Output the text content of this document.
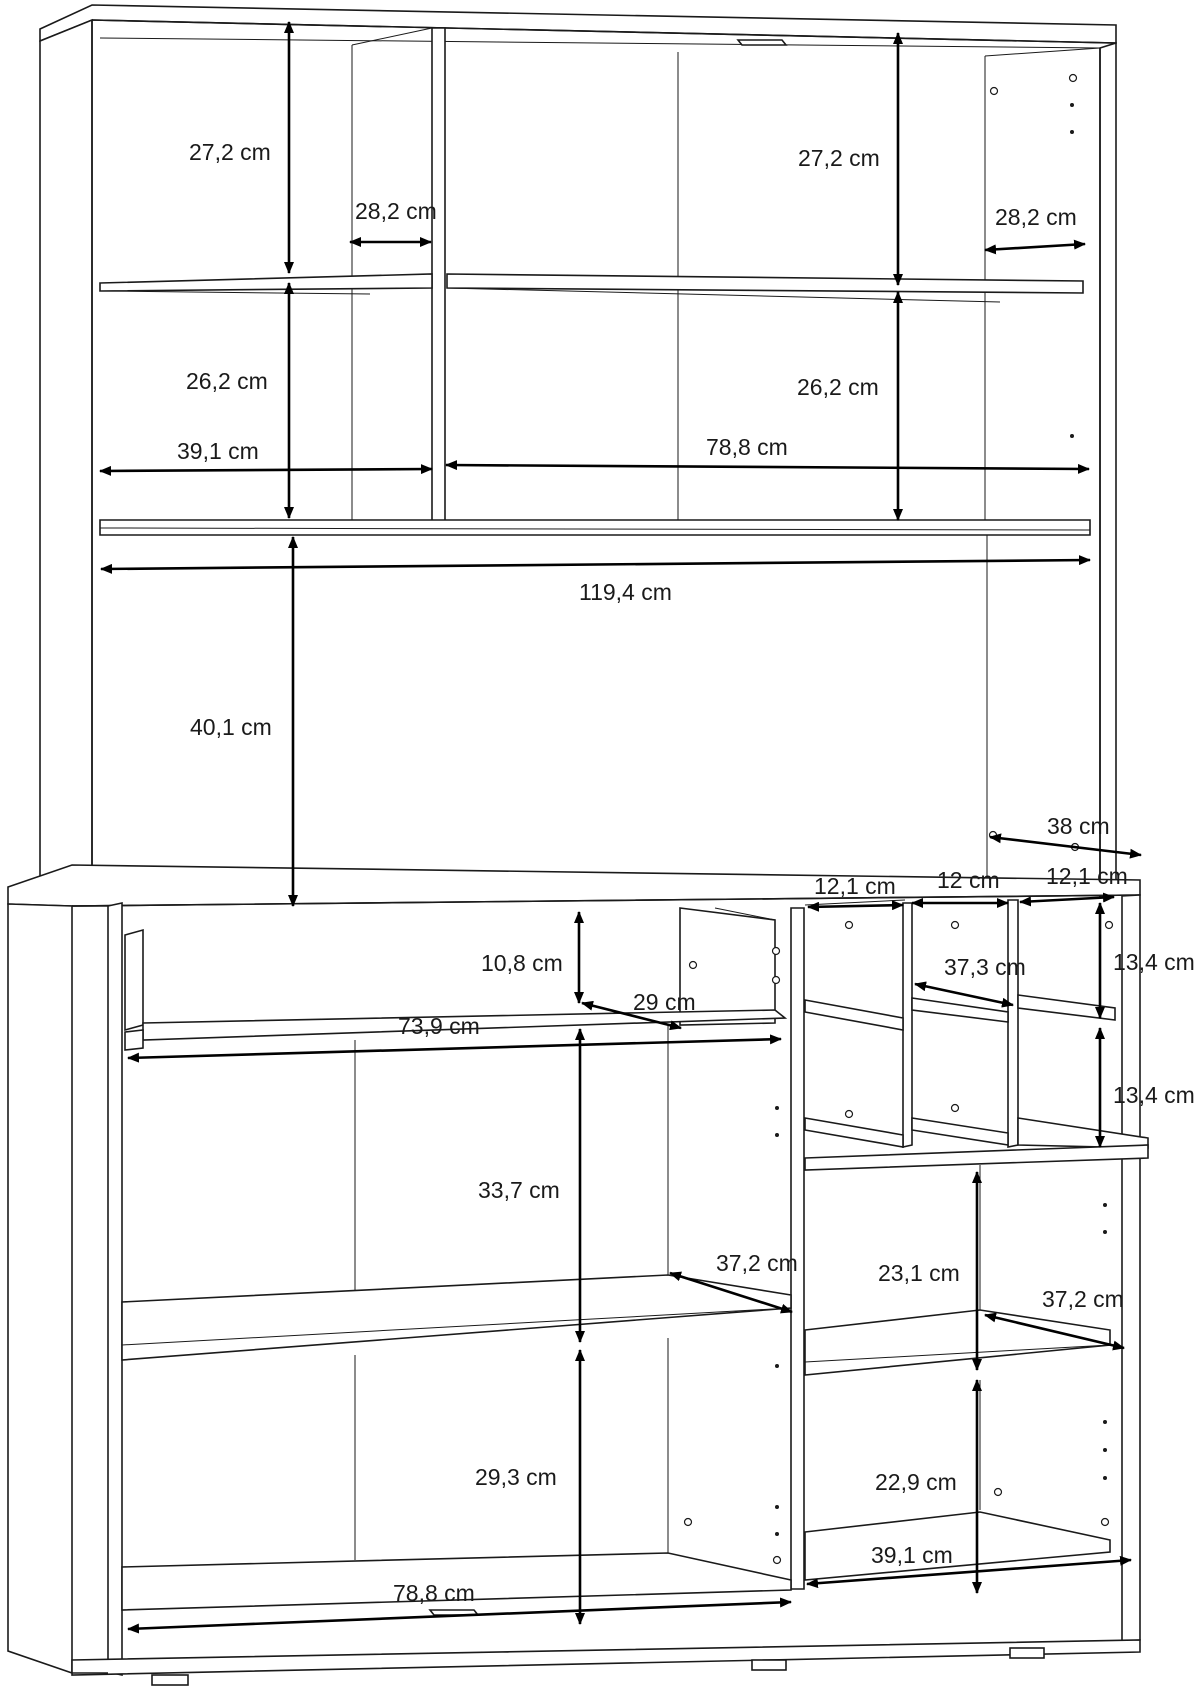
27,2 cm
28,2 cm
27,2 cm
28,2 cm
26,2 cm	26,2 cm
39,1 cm	78,8 cm
119,4 cm
40,1 cm
38 cm
12,1 cm 12 cm 12,1 cm
10,8 cm
29 cm
73,9 cm
37,3 cm	13,4 cm
13,4 cm
33,7 cm
37,2 cm	23,1 cm
37,2 cm
29,3 cm	22,9 cm
78,8 cm
39,1 cm
